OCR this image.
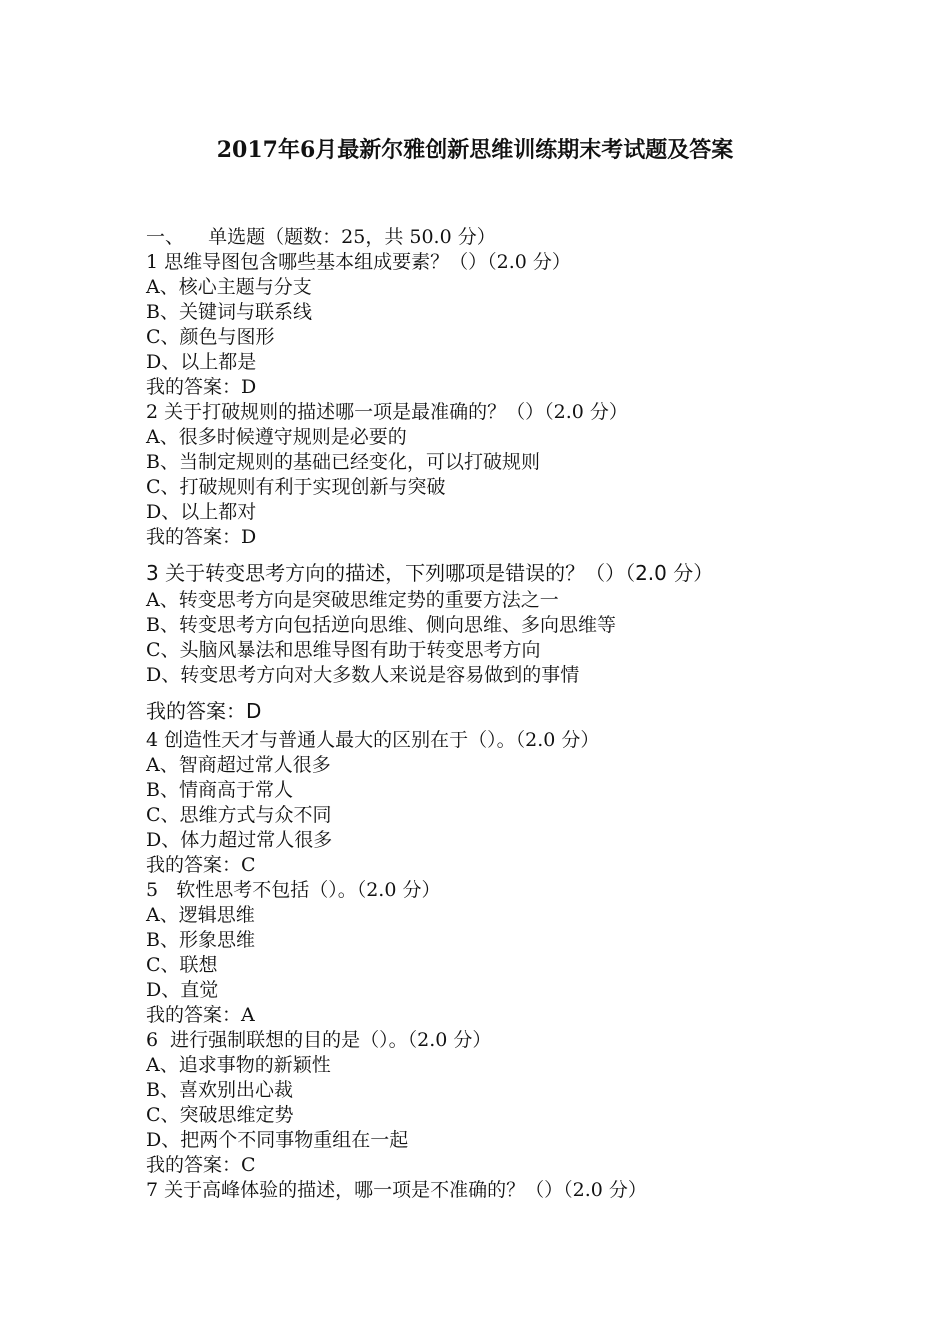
2017年6月最新尔雅创新思维训练期末考试题及答案
一、    单选题（题数：25，共 50.0 分）
1 思维导图包含哪些基本组成要素？（）（2.0 分）
A、核心主题与分支
B、关键词与联系线
C、颜色与图形
D、以上都是
我的答案：D
2 关于打破规则的描述哪一项是最准确的？（）（2.0 分）
A、很多时候遵守规则是必要的
B、当制定规则的基础已经变化，可以打破规则
C、打破规则有利于实现创新与突破
D、以上都对
我的答案：D
3 关于转变思考方向的描述，下列哪项是错误的？（）（2.0 分）
A、转变思考方向是突破思维定势的重要方法之一
B、转变思考方向包括逆向思维、侧向思维、多向思维等
C、头脑风暴法和思维导图有助于转变思考方向
D、转变思考方向对大多数人来说是容易做到的事情
我的答案：D
4 创造性天才与普通人最大的区别在于（）。（2.0 分）
A、智商超过常人很多
B、情商高于常人
C、思维方式与众不同
D、体力超过常人很多
我的答案：C
5   软性思考不包括（）。（2.0 分）
A、逻辑思维
B、形象思维
C、联想
D、直觉
我的答案：A
6  进行强制联想的目的是（）。（2.0 分）
A、追求事物的新颖性
B、喜欢别出心裁
C、突破思维定势
D、把两个不同事物重组在一起
我的答案：C
7 关于高峰体验的描述，哪一项是不准确的？（）（2.0 分）
